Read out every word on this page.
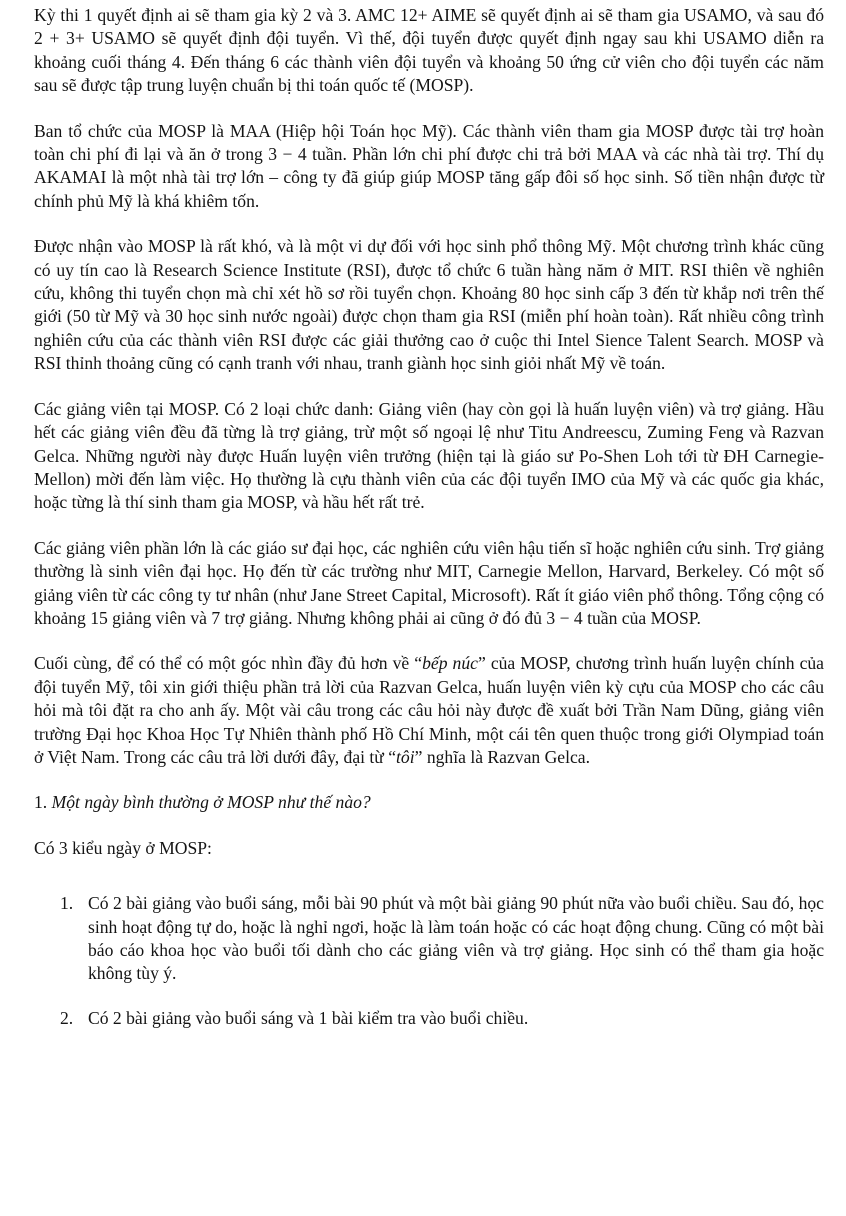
Kỳ thi 1 quyết định ai sẽ tham gia kỳ 2 và 3. AMC 12+ AIME sẽ quyết định ai sẽ tham gia USAMO, và sau đó 2 + 3+ USAMO sẽ quyết định đội tuyển. Vì thế, đội tuyển được quyết định ngay sau khi USAMO diễn ra khoảng cuối tháng 4. Đến tháng 6 các thành viên đội tuyển và khoảng 50 ứng cử viên cho đội tuyển các năm sau sẽ được tập trung luyện chuẩn bị thi toán quốc tế (MOSP).

Ban tổ chức của MOSP là MAA (Hiệp hội Toán học Mỹ). Các thành viên tham gia MOSP được tài trợ hoàn toàn chi phí đi lại và ăn ở trong 3 − 4 tuần. Phần lớn chi phí được chi trả bởi MAA và các nhà tài trợ. Thí dụ AKAMAI là một nhà tài trợ lớn – công ty đã giúp giúp MOSP tăng gấp đôi số học sinh. Số tiền nhận được từ chính phủ Mỹ là khá khiêm tốn.

Được nhận vào MOSP là rất khó, và là một vi dự đối với học sinh phổ thông Mỹ. Một chương trình khác cũng có uy tín cao là Research Science Institute (RSI), được tổ chức 6 tuần hàng năm ở MIT. RSI thiên về nghiên cứu, không thi tuyển chọn mà chỉ xét hồ sơ rồi tuyển chọn. Khoảng 80 học sinh cấp 3 đến từ khắp nơi trên thế giới (50 từ Mỹ và 30 học sinh nước ngoài) được chọn tham gia RSI (miễn phí hoàn toàn). Rất nhiều công trình nghiên cứu của các thành viên RSI được các giải thưởng cao ở cuộc thi Intel Sience Talent Search. MOSP và RSI thỉnh thoảng cũng có cạnh tranh với nhau, tranh giành học sinh giỏi nhất Mỹ về toán.

Các giảng viên tại MOSP. Có 2 loại chức danh: Giảng viên (hay còn gọi là huấn luyện viên) và trợ giảng. Hầu hết các giảng viên đều đã từng là trợ giảng, trừ một số ngoại lệ như Titu Andreescu, Zuming Feng và Razvan Gelca. Những người này được Huấn luyện viên trưởng (hiện tại là giáo sư Po-Shen Loh tới từ ĐH Carnegie-Mellon) mời đến làm việc. Họ thường là cựu thành viên của các đội tuyển IMO của Mỹ và các quốc gia khác, hoặc từng là thí sinh tham gia MOSP, và hầu hết rất trẻ.

Các giảng viên phần lớn là các giáo sư đại học, các nghiên cứu viên hậu tiến sĩ hoặc nghiên cứu sinh. Trợ giảng thường là sinh viên đại học. Họ đến từ các trường như MIT, Carnegie Mellon, Harvard, Berkeley. Có một số giảng viên từ các công ty tư nhân (như Jane Street Capital, Microsoft). Rất ít giáo viên phổ thông. Tổng cộng có khoảng 15 giảng viên và 7 trợ giảng. Nhưng không phải ai cũng ở đó đủ 3 − 4 tuần của MOSP.

Cuối cùng, để có thể có một góc nhìn đầy đủ hơn về “bếp núc” của MOSP, chương trình huấn luyện chính của đội tuyển Mỹ, tôi xin giới thiệu phần trả lời của Razvan Gelca, huấn luyện viên kỳ cựu của MOSP cho các câu hỏi mà tôi đặt ra cho anh ấy. Một vài câu trong các câu hỏi này được đề xuất bởi Trần Nam Dũng, giảng viên trường Đại học Khoa Học Tự Nhiên thành phố Hồ Chí Minh, một cái tên quen thuộc trong giới Olympiad toán ở Việt Nam. Trong các câu trả lời dưới đây, đại từ “tôi” nghĩa là Razvan Gelca.

1. Một ngày bình thường ở MOSP như thế nào?

Có 3 kiểu ngày ở MOSP:

1. Có 2 bài giảng vào buổi sáng, mỗi bài 90 phút và một bài giảng 90 phút nữa vào buổi chiều. Sau đó, học sinh hoạt động tự do, hoặc là nghỉ ngơi, hoặc là làm toán hoặc có các hoạt động chung. Cũng có một bài báo cáo khoa học vào buổi tối dành cho các giảng viên và trợ giảng. Học sinh có thể tham gia hoặc không tùy ý.
2. Có 2 bài giảng vào buổi sáng và 1 bài kiểm tra vào buổi chiều.
